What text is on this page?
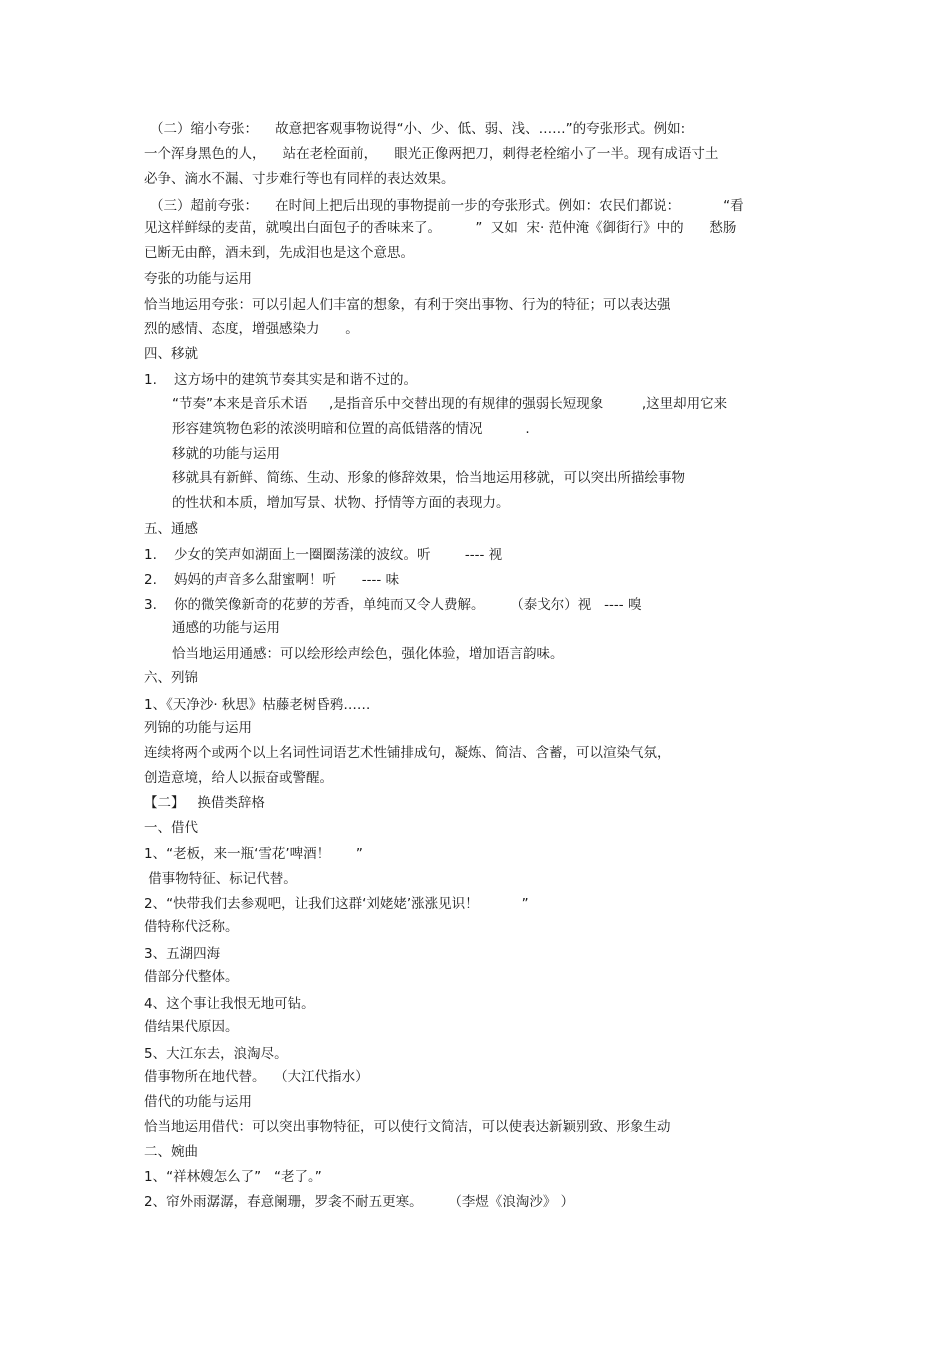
（二）缩小夸张：    故意把客观事物说得“小、少、低、弱、浅、……”的夸张形式。例如:
一个浑身黑色的人，    站在老栓面前，    眼光正像两把刀，刺得老栓缩小了一半。现有成语寸土
必争、滴水不漏、寸步难行等也有同样的表达效果。
（三）超前夸张：    在时间上把后出现的事物提前一步的夸张形式。例如：农民们都说：          “看
见这样鲜绿的麦苗，就嗅出白面包子的香味来了。        ”  又如  宋· 范仲淹《御街行》中的      愁肠
已断无由醉，酒未到，先成泪也是这个意思。
夸张的功能与运用
恰当地运用夸张：可以引起人们丰富的想象，有利于突出事物、行为的特征；可以表达强
烈的感情、态度，增强感染力      。
四、移就
1.    这方场中的建筑节奏其实是和谐不过的。
“节奏”本来是音乐术语     ,是指音乐中交替出现的有规律的强弱长短现象         ,这里却用它来
形容建筑物色彩的浓淡明暗和位置的高低错落的情况          .
移就的功能与运用
移就具有新鲜、简练、生动、形象的修辞效果，恰当地运用移就，可以突出所描绘事物
的性状和本质，增加写景、状物、抒情等方面的表现力。
五、通感
1.    少女的笑声如湖面上一圈圈荡漾的波纹。听        ---- 视
2.    妈妈的声音多么甜蜜啊！听      ---- 味
3.    你的微笑像新奇的花萝的芳香，单纯而又令人费解。      （泰戈尔）视   ---- 嗅
通感的功能与运用
恰当地运用通感：可以绘形绘声绘色，强化体验，增加语言韵味。
六、列锦
1、《天净沙· 秋思》枯藤老树昏鸦……
列锦的功能与运用
连续将两个或两个以上名词性词语艺术性铺排成句，凝炼、简洁、含蓄，可以渲染气氛，
创造意境，给人以振奋或警醒。
【二】   换借类辞格
一、借代
1、“老板，来一瓶‘雪花’啤酒！      ”
借事物特征、标记代替。
2、“快带我们去参观吧，让我们这群‘刘姥姥’涨涨见识！          ”
借特称代泛称。
3、五湖四海
借部分代整体。
4、这个事让我恨无地可钻。
借结果代原因。
5、大江东去，浪淘尽。
借事物所在地代替。  （大江代指水）
借代的功能与运用
恰当地运用借代：可以突出事物特征，可以使行文简洁，可以使表达新颖别致、形象生动
二、婉曲
1、“祥林嫂怎么了”   “老了。”
2、帘外雨潺潺，春意阑珊，罗衾不耐五更寒。      （李煜《浪淘沙》 ）
